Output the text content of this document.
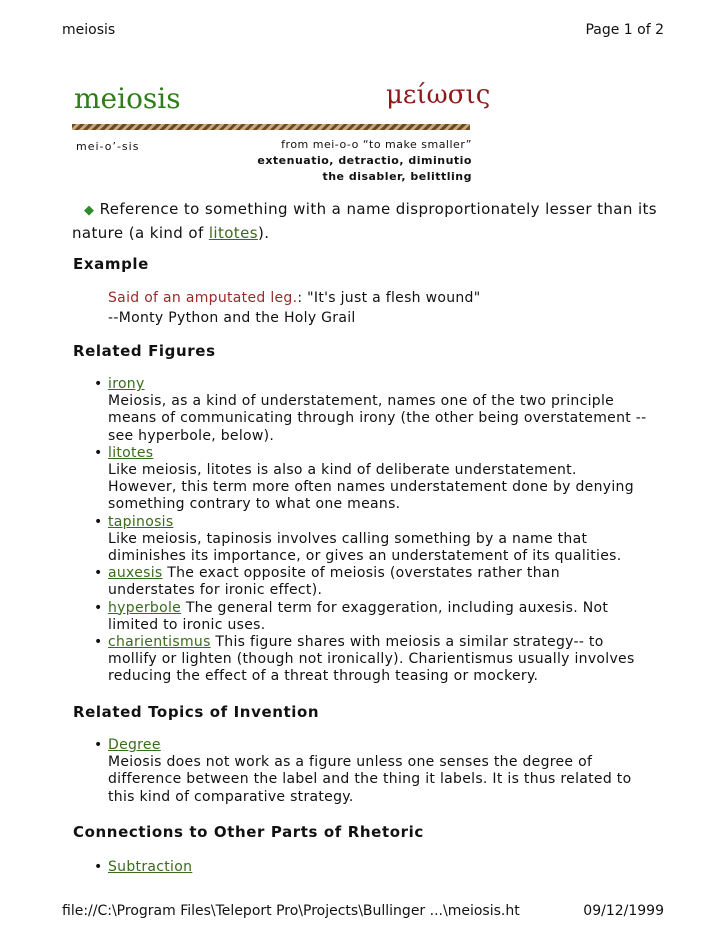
meiosis	Page 1 of 2
meiosis	μείωσις
mei-o’-sis	from mei-o-o “to make smaller”
extenuatio, detractio, diminutio
the disabler, belittling
◆ Reference to something with a name disproportionately lesser than its nature (a kind of litotes).
Example
Said of an amputated leg.: "It's just a flesh wound"
--Monty Python and the Holy Grail
Related Figures
• irony
Meiosis, as a kind of understatement, names one of the two principle means of communicating through irony (the other being overstatement -- see hyperbole, below).
• litotes
Like meiosis, litotes is also a kind of deliberate understatement. However, this term more often names understatement done by denying something contrary to what one means.
• tapinosis
Like meiosis, tapinosis involves calling something by a name that diminishes its importance, or gives an understatement of its qualities.
• auxesis The exact opposite of meiosis (overstates rather than understates for ironic effect).
• hyperbole The general term for exaggeration, including auxesis. Not limited to ironic uses.
• charientismus This figure shares with meiosis a similar strategy-- to mollify or lighten (though not ironically). Charientismus usually involves reducing the effect of a threat through teasing or mockery.
Related Topics of Invention
• Degree
Meiosis does not work as a figure unless one senses the degree of difference between the label and the thing it labels. It is thus related to this kind of comparative strategy.
Connections to Other Parts of Rhetoric
• Subtraction
file://C:\Program Files\Teleport Pro\Projects\Bullinger ...\meiosis.ht	09/12/1999
